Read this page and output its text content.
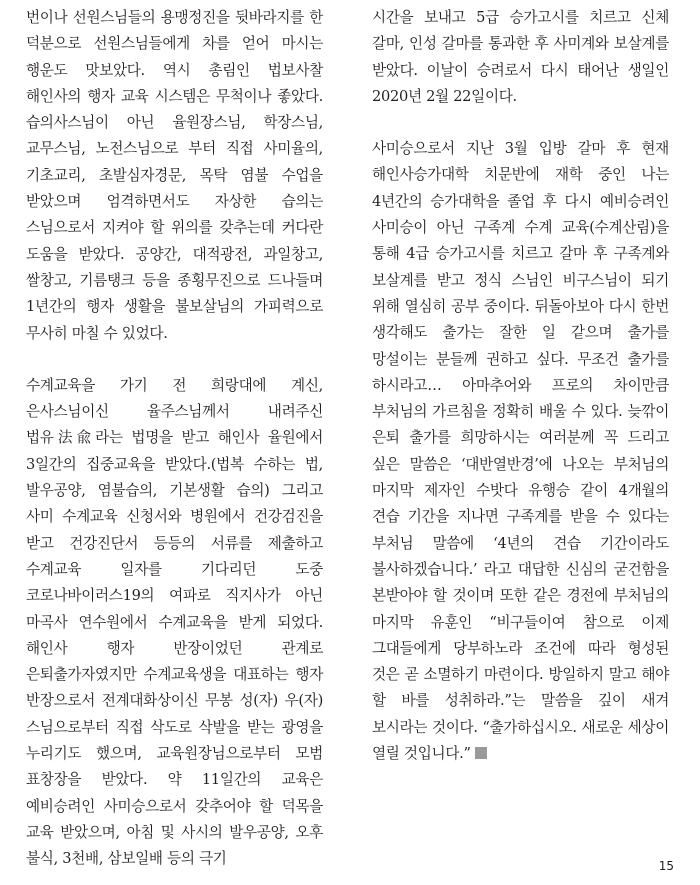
번이나 선원스님들의 용맹정진을 뒷바라지를 한 덕분으로 선원스님들에게 차를 얻어 마시는 행운도 맛보았다. 역시 총림인 법보사찰 해인사의 행자 교육 시스템은 무척이나 좋았다. 습의사스님이 아닌 율원장스님, 학장스님, 교무스님, 노전스님으로 부터 직접 사미율의, 기초교리, 초발심자경문, 목탁 염불 수업을 받았으며 엄격하면서도 자상한 습의는 스님으로서 지켜야 할 위의를 갖추는데 커다란 도움을 받았다. 공양간, 대적광전, 과일창고, 쌀창고, 기름탱크 등을 종횡무진으로 드나들며 1년간의 행자 생활을 불보살님의 가피력으로 무사히 마칠 수 있었다.

수계교육을 가기 전 희랑대에 계신, 은사스님이신 율주스님께서 내려주신 법유法兪라는 법명을 받고 해인사 율원에서 3일간의 집중교육을 받았다.(법복 수하는 법, 발우공양, 염불습의, 기본생활 습의) 그리고 사미 수계교육 신청서와 병원에서 건강검진을 받고 건강진단서 등등의 서류를 제출하고 수계교육 일자를 기다리던 도중 코로나바이러스19의 여파로 직지사가 아닌 마곡사 연수원에서 수계교육을 받게 되었다. 해인사 행자 반장이었던 관계로 은퇴출가자였지만 수계교육생을 대표하는 행자 반장으로서 전계대화상이신 무봉 성(자) 우(자) 스님으로부터 직접 삭도로 삭발을 받는 광영을 누리기도 했으며, 교육원장님으로부터 모범 표창장을 받았다. 약 11일간의 교육은 예비승려인 사미승으로서 갖추어야 할 덕목을 교육 받았으며, 아침 및 사시의 발우공양, 오후 불식, 3천배, 삼보일배 등의 극기

시간을 보내고 5급 승가고시를 치르고 신체 갈마, 인성 갈마를 통과한 후 사미계와 보살계를 받았다. 이날이 승려로서 다시 태어난 생일인 2020년 2월 22일이다.

사미승으로서 지난 3월 입방 갈마 후 현재 해인사승가대학 치문반에 재학 중인 나는 4년간의 승가대학을 졸업 후 다시 예비승려인 사미승이 아닌 구족계 수계 교육(수계산림)을 통해 4급 승가고시를 치르고 갈마 후 구족계와 보살계를 받고 정식 스님인 비구스님이 되기 위해 열심히 공부 중이다. 뒤돌아보아 다시 한번 생각해도 출가는 잘한 일 같으며 출가를 망설이는 분들께 권하고 싶다. 무조건 출가를 하시라고… 아마추어와 프로의 차이만큼 부처님의 가르침을 정확히 배울 수 있다. 늦깎이 은퇴 출가를 희망하시는 여러분께 꼭 드리고 싶은 말씀은 ‘대반열반경’에 나오는 부처님의 마지막 제자인 수밧다 유행승 같이 4개월의 견습 기간을 지나면 구족계를 받을 수 있다는 부처님 말씀에 ‘4년의 견습 기간이라도 불사하겠습니다.’ 라고 대답한 신심의 굳건함을 본받아야 할 것이며 또한 같은 경전에 부처님의 마지막 유훈인 “비구들이여 참으로 이제 그대들에게 당부하노라 조건에 따라 형성된 것은 곧 소멸하기 마련이다. 방일하지 말고 해야 할 바를 성취하라.”는 말씀을 깊이 새겨 보시라는 것이다. “출가하십시오. 새로운 세상이 열릴 것입니다.”

15
